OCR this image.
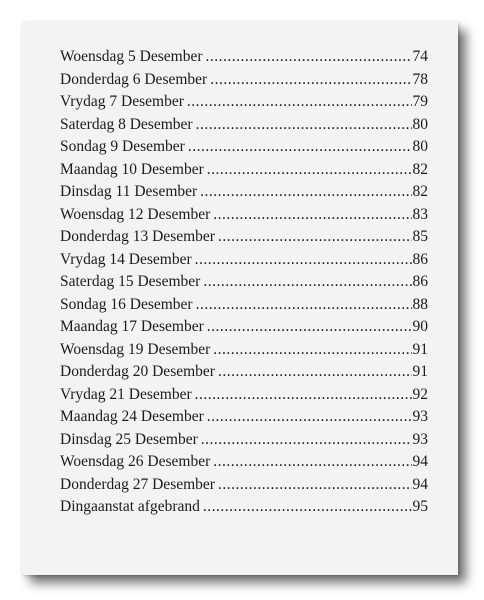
Woensdag 5 Desember .....	74
Donderdag 6 Desember .....	78
Vrydag 7 Desember .....	79
Saterdag 8 Desember .....	80
Sondag 9 Desember .....	80
Maandag 10 Desember .....	82
Dinsdag 11 Desember .....	82
Woensdag 12 Desember .....	83
Donderdag 13 Desember .....	85
Vrydag 14 Desember .....	86
Saterdag 15 Desember .....	86
Sondag 16 Desember .....	88
Maandag 17 Desember .....	90
Woensdag 19 Desember .....	91
Donderdag 20 Desember .....	91
Vrydag 21 Desember .....	92
Maandag 24 Desember .....	93
Dinsdag 25 Desember .....	93
Woensdag 26 Desember .....	94
Donderdag 27 Desember .....	94
Dingaanstat afgebrand .....	95
